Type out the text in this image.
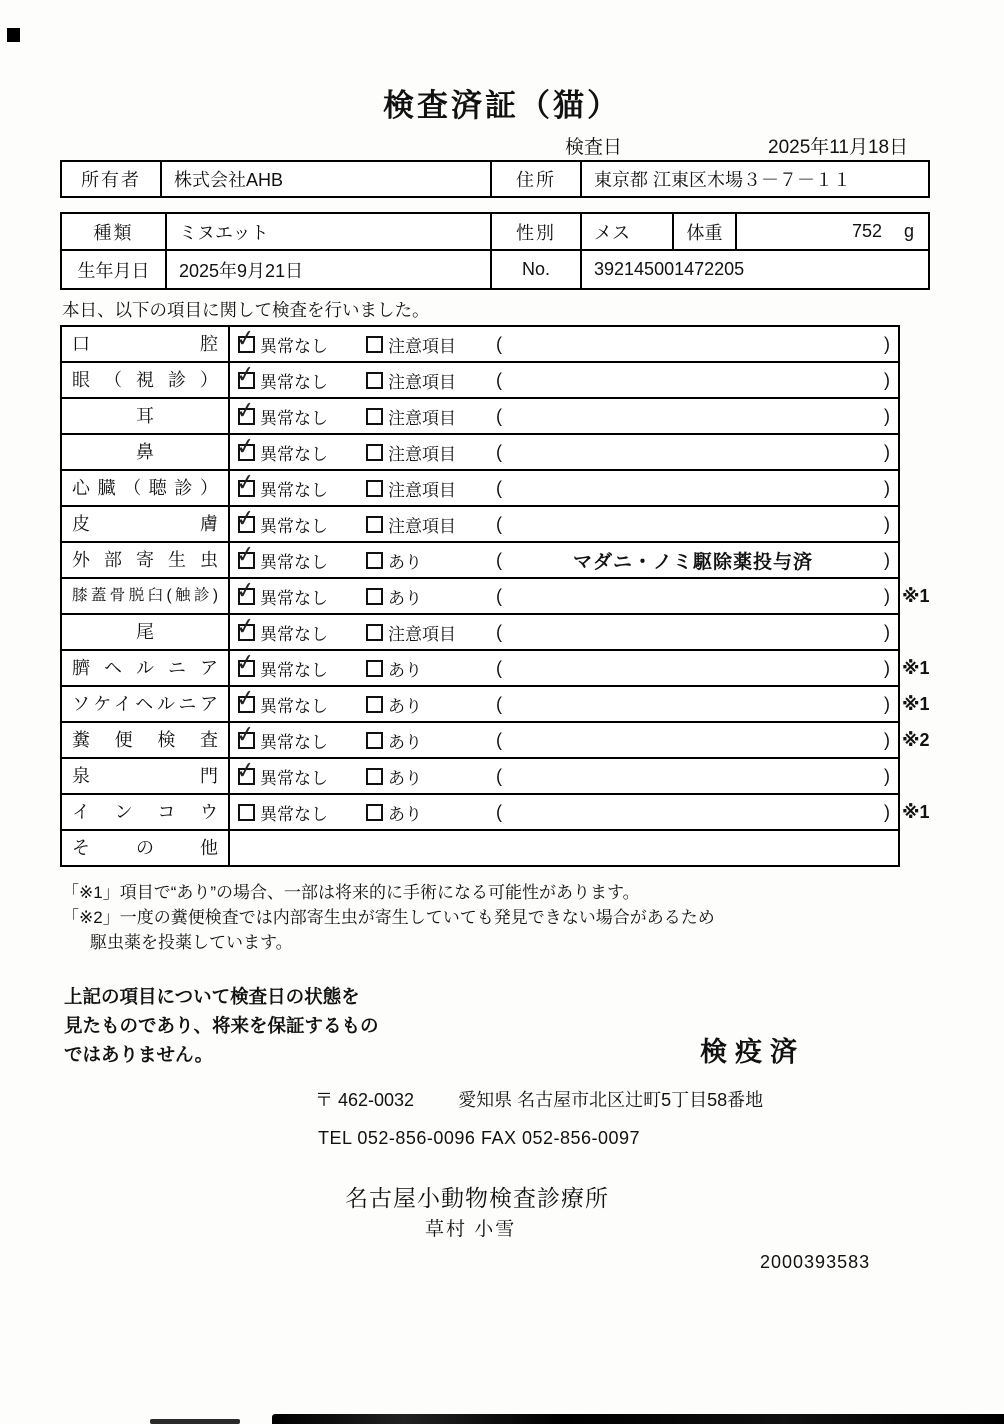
検査済証（猫）
検査日	2025年11月18日
所有者	株式会社AHB	住所	東京都 江東区木場３－７－１１
種類	ミヌエット	性別	メス	体重	752 g
生年月日	2025年9月21日	No.	392145001472205
本日、以下の項目に関して検査を行いました。
口腔 ✓	異常なし	注意項目 (	)
眼（視診） ✓	異常なし	注意項目 (	)
耳 ✓	異常なし	注意項目 (	)
鼻 ✓	異常なし	注意項目 (	)
心臓（聴診） ✓	異常なし	注意項目 (	)
皮膚 ✓	異常なし	注意項目 (	)
外部寄生虫 ✓	異常なし	あり	(	マダニ・ノミ駆除薬投与済	)
膝蓋骨脱臼(触診) ✓	異常なし	あり	(	) ※1
尾 ✓	異常なし	注意項目 (	)
臍ヘルニア ✓	異常なし	あり	(	) ※1
ソケイヘルニア ✓	異常なし	あり	(	) ※1
糞便検査 ✓	異常なし	あり	(	) ※2
泉門 ✓	異常なし	あり	(	)
インコウ	異常なし	あり	(	) ※1
その他
「※1」項目で“あり”の場合、一部は将来的に手術になる可能性があります。
「※2」一度の糞便検査では内部寄生虫が寄生していても発見できない場合があるため
駆虫薬を投薬しています。
上記の項目について検査日の状態を
見たものであり、将来を保証するもの
ではありません。	検疫済
〒 462-0032 愛知県 名古屋市北区辻町5丁目58番地
TEL 052-856-0096 FAX 052-856-0097
名古屋小動物検査診療所
草村 小雪
2000393583
